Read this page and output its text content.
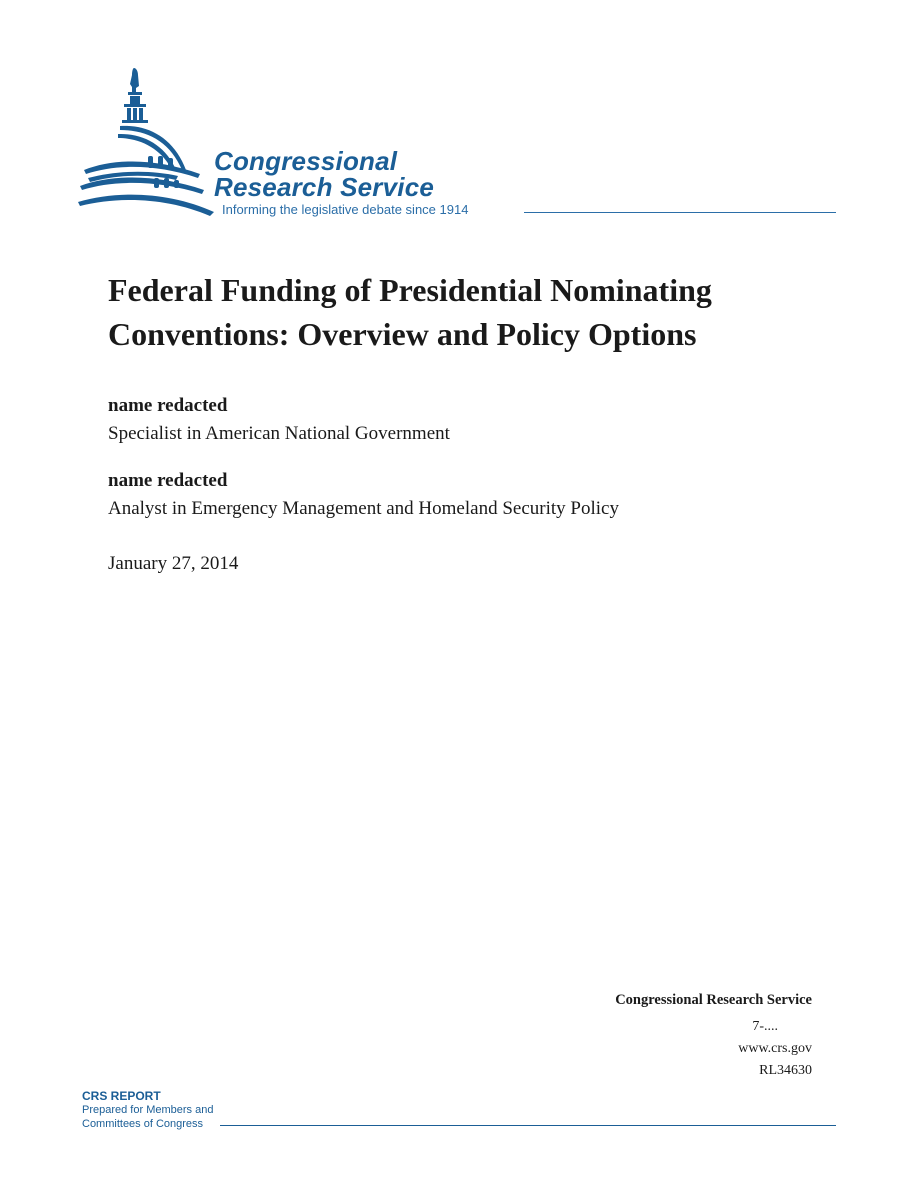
Congressional
Research Service
Informing the legislative debate since 1914
Federal Funding of Presidential Nominating Conventions: Overview and Policy Options
name redacted
Specialist in American National Government
name redacted
Analyst in Emergency Management and Homeland Security Policy
January 27, 2014
Congressional Research Service
7-....
www.crs.gov
RL34630
CRS REPORT
Prepared for Members and
Committees of Congress
